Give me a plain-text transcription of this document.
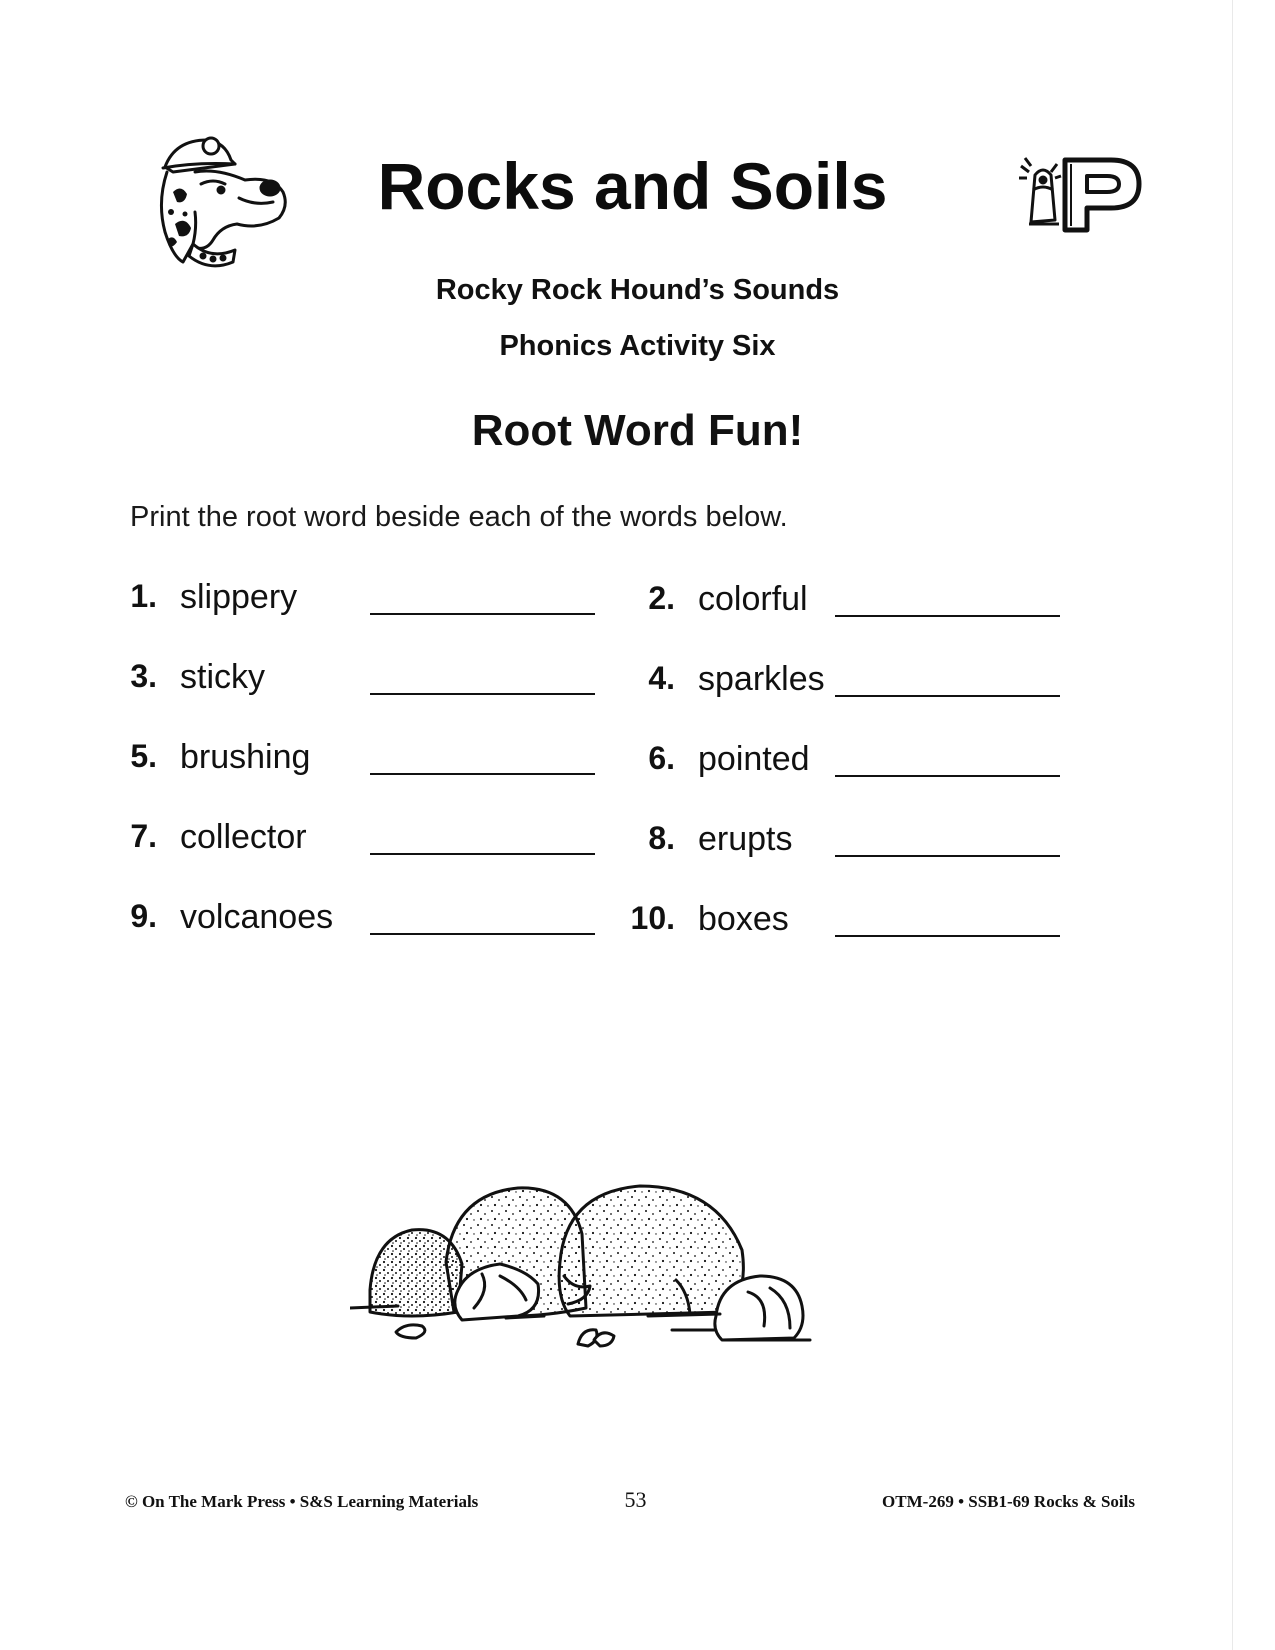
Rocks and Soils
Rocky Rock Hound’s Sounds
Phonics Activity Six
Root Word Fun!
Print the root word beside each of the words below.
1. slippery
3. sticky
5. brushing
7. collector
9. volcanoes
2. colorful
4. sparkles
6. pointed
8. erupts
10. boxes
© On The Mark Press • S&S Learning Materials	53	OTM-269 • SSB1-69 Rocks & Soils
